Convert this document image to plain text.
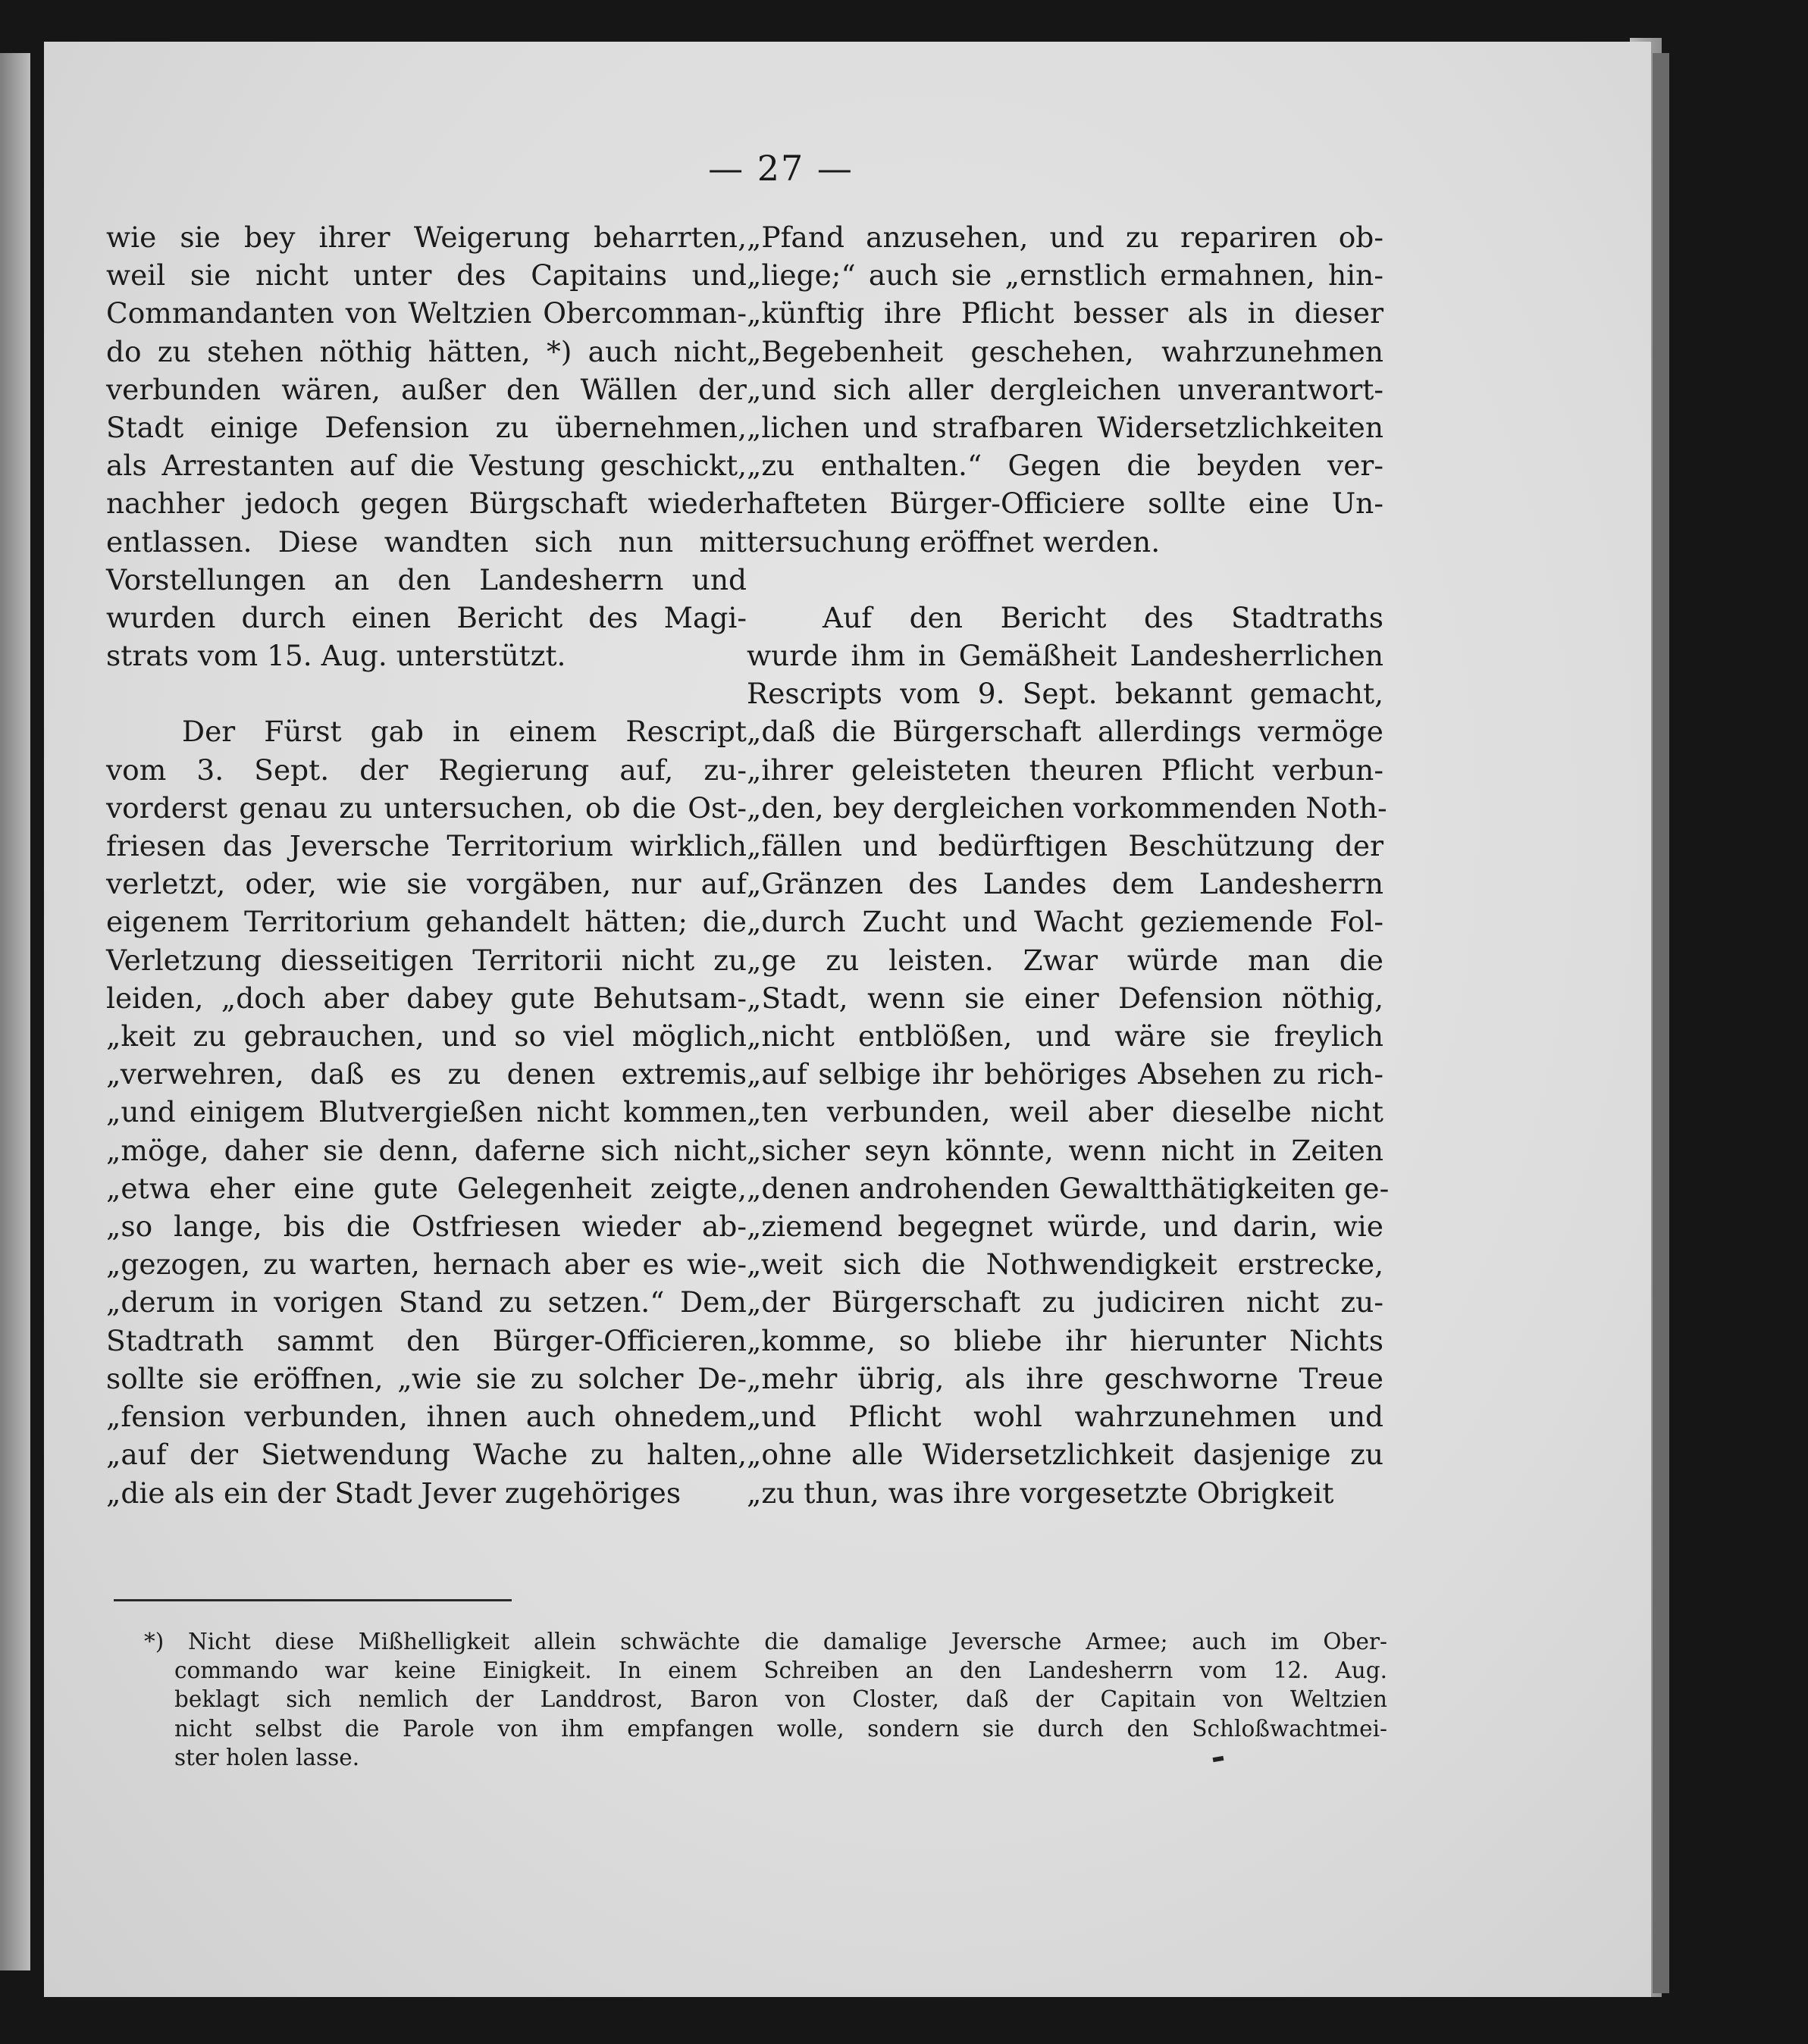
— 27 —

wie sie bey ihrer Weigerung beharrten,
weil sie nicht unter des Capitains und
Commandanten von Weltzien Obercomman-
do zu stehen nöthig hätten, *) auch nicht
verbunden wären, außer den Wällen der
Stadt einige Defension zu übernehmen,
als Arrestanten auf die Vestung geschickt,
nachher jedoch gegen Bürgschaft wieder
entlassen. Diese wandten sich nun mit
Vorstellungen an den Landesherrn und
wurden durch einen Bericht des Magi-
strats vom 15. Aug. unterstützt.

Der Fürst gab in einem Rescript
vom 3. Sept. der Regierung auf, zu-
vorderst genau zu untersuchen, ob die Ost-
friesen das Jeversche Territorium wirklich
verletzt, oder, wie sie vorgäben, nur auf
eigenem Territorium gehandelt hätten; die
Verletzung diesseitigen Territorii nicht zu
leiden, „doch aber dabey gute Behutsam-
„keit zu gebrauchen, und so viel möglich
„verwehren, daß es zu denen extremis
„und einigem Blutvergießen nicht kommen
„möge, daher sie denn, daferne sich nicht
„etwa eher eine gute Gelegenheit zeigte,
„so lange, bis die Ostfriesen wieder ab-
„gezogen, zu warten, hernach aber es wie-
„derum in vorigen Stand zu setzen.“ Dem
Stadtrath sammt den Bürger-Officieren
sollte sie eröffnen, „wie sie zu solcher De-
„fension verbunden, ihnen auch ohnedem
„auf der Sietwendung Wache zu halten,
„die als ein der Stadt Jever zugehöriges

„Pfand anzusehen, und zu repariren ob-
„liege;“ auch sie „ernstlich ermahnen, hin-
„künftig ihre Pflicht besser als in dieser
„Begebenheit geschehen, wahrzunehmen
„und sich aller dergleichen unverantwort-
„lichen und strafbaren Widersetzlichkeiten
„zu enthalten.“ Gegen die beyden ver-
hafteten Bürger-Officiere sollte eine Un-
tersuchung eröffnet werden.

Auf den Bericht des Stadtraths
wurde ihm in Gemäßheit Landesherrlichen
Rescripts vom 9. Sept. bekannt gemacht,
„daß die Bürgerschaft allerdings vermöge
„ihrer geleisteten theuren Pflicht verbun-
„den, bey dergleichen vorkommenden Noth-
„fällen und bedürftigen Beschützung der
„Gränzen des Landes dem Landesherrn
„durch Zucht und Wacht geziemende Fol-
„ge zu leisten. Zwar würde man die
„Stadt, wenn sie einer Defension nöthig,
„nicht entblößen, und wäre sie freylich
„auf selbige ihr behöriges Absehen zu rich-
„ten verbunden, weil aber dieselbe nicht
„sicher seyn könnte, wenn nicht in Zeiten
„denen androhenden Gewaltthätigkeiten ge-
„ziemend begegnet würde, und darin, wie
„weit sich die Nothwendigkeit erstrecke,
„der Bürgerschaft zu judiciren nicht zu-
„komme, so bliebe ihr hierunter Nichts
„mehr übrig, als ihre geschworne Treue
„und Pflicht wohl wahrzunehmen und
„ohne alle Widersetzlichkeit dasjenige zu
„zu thun, was ihre vorgesetzte Obrigkeit

*) Nicht diese Mißhelligkeit allein schwächte die damalige Jeversche Armee; auch im Ober-
commando war keine Einigkeit. In einem Schreiben an den Landesherrn vom 12. Aug.
beklagt sich nemlich der Landdrost, Baron von Closter, daß der Capitain von Weltzien
nicht selbst die Parole von ihm empfangen wolle, sondern sie durch den Schloßwachtmei-
ster holen lasse.
